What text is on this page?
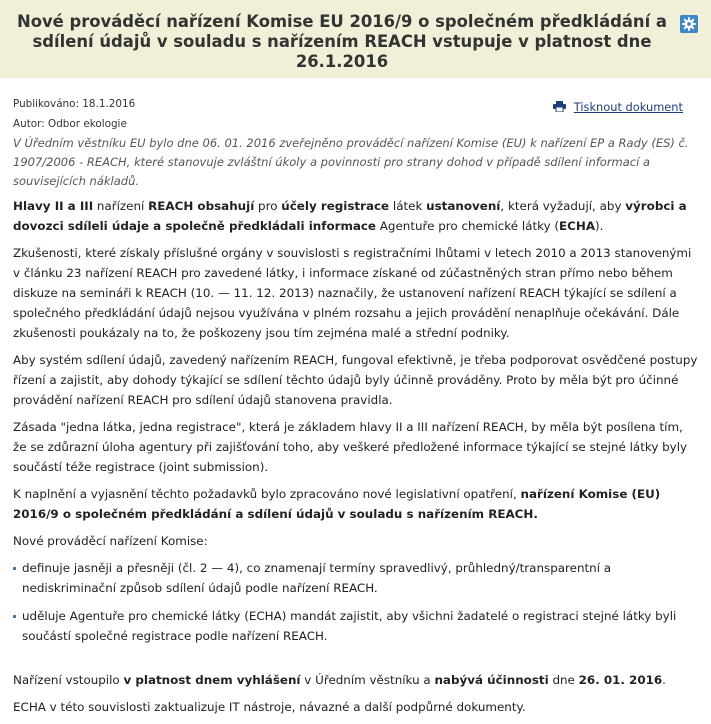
Nové prováděcí nařízení Komise EU 2016/9 o společném předkládání a sdílení údajů v souladu s nařízením REACH vstupuje v platnost dne 26.1.2016
Publikováno: 18.1.2016
Autor: Odbor ekologie
Tisknout dokument

V Úředním věstníku EU bylo dne 06. 01. 2016 zveřejněno prováděcí nařízení Komise (EU) k nařízení EP a Rady (ES) č. 1907/2006 - REACH, které stanovuje zvláštní úkoly a povinnosti pro strany dohod v případě sdílení informací a souvisejících nákladů.

Hlavy II a III nařízení REACH obsahují pro účely registrace látek ustanovení, která vyžadují, aby výrobci a dovozci sdíleli údaje a společně předkládali informace Agentuře pro chemické látky (ECHA).

Zkušenosti, které získaly příslušné orgány v souvislosti s registračními lhůtami v letech 2010 a 2013 stanovenými v článku 23 nařízení REACH pro zavedené látky, i informace získané od zúčastněných stran přímo nebo během diskuze na semináři k REACH (10. — 11. 12. 2013) naznačily, že ustanovení nařízení REACH týkající se sdílení a společného předkládání údajů nejsou využívána v plném rozsahu a jejich provádění nenaplňuje očekávání. Dále zkušenosti poukázaly na to, že poškozeny jsou tím zejména malé a střední podniky.

Aby systém sdílení údajů, zavedený nařízením REACH, fungoval efektivně, je třeba podporovat osvědčené postupy řízení a zajistit, aby dohody týkající se sdílení těchto údajů byly účinně prováděny. Proto by měla být pro účinné provádění nařízení REACH pro sdílení údajů stanovena pravidla.

Zásada "jedna látka, jedna registrace", která je základem hlavy II a III nařízení REACH, by měla být posílena tím, že se zdůrazní úloha agentury při zajišťování toho, aby veškeré předložené informace týkající se stejné látky byly součástí téže registrace (joint submission).

K naplnění a vyjasnění těchto požadavků bylo zpracováno nové legislativní opatření, nařízení Komise (EU) 2016/9 o společném předkládání a sdílení údajů v souladu s nařízením REACH.

Nové prováděcí nařízení Komise:

definuje jasněji a přesněji (čl. 2 — 4), co znamenají termíny spravedlivý, průhledný/transparentní a nediskriminační způsob sdílení údajů podle nařízení REACH.
uděluje Agentuře pro chemické látky (ECHA) mandát zajistit, aby všichni žadatelé o registraci stejné látky byli součástí společné registrace podle nařízení REACH.

Nařízení vstoupilo v platnost dnem vyhlášení v Úředním věstníku a nabývá účinnosti dne 26. 01. 2016.

ECHA v této souvislosti zaktualizuje IT nástroje, návazné a další podpůrné dokumenty.
